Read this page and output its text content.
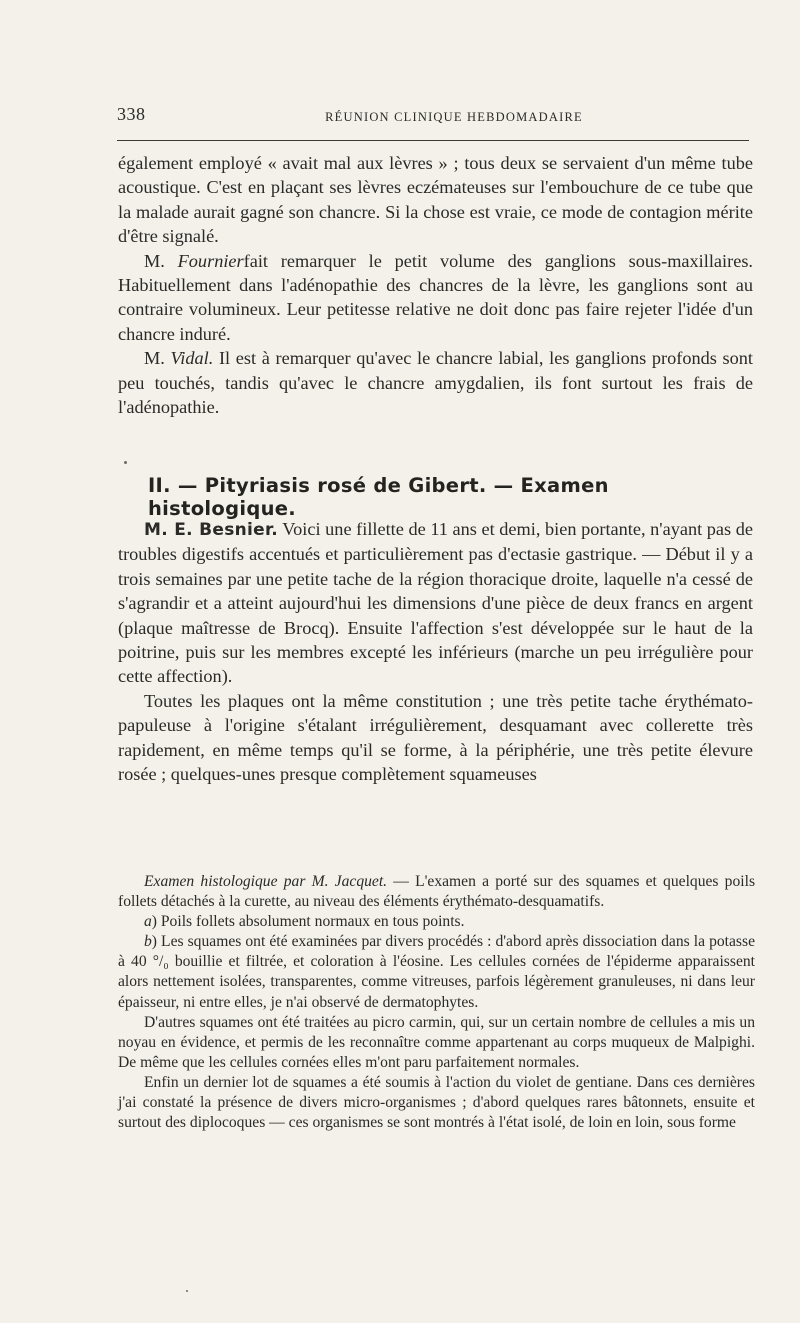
338	RÉUNION CLINIQUE HEBDOMADAIRE

également employé « avait mal aux lèvres » ; tous deux se servaient d'un même tube acoustique. C'est en plaçant ses lèvres eczémateuses sur l'embouchure de ce tube que la malade aurait gagné son chancre. Si la chose est vraie, ce mode de contagion mérite d'être signalé.

M. Fournierfait remarquer le petit volume des ganglions sous-maxillaires. Habituellement dans l'adénopathie des chancres de la lèvre, les ganglions sont au contraire volumineux. Leur petitesse relative ne doit donc pas faire rejeter l'idée d'un chancre induré.

M. Vidal. Il est à remarquer qu'avec le chancre labial, les ganglions profonds sont peu touchés, tandis qu'avec le chancre amygdalien, ils font surtout les frais de l'adénopathie.

II. — Pityriasis rosé de Gibert. — Examen histologique.

M. E. Besnier. Voici une fillette de 11 ans et demi, bien portante, n'ayant pas de troubles digestifs accentués et particulièrement pas d'ectasie gastrique. — Début il y a trois semaines par une petite tache de la région thoracique droite, laquelle n'a cessé de s'agrandir et a atteint aujourd'hui les dimensions d'une pièce de deux francs en argent (plaque maîtresse de Brocq). Ensuite l'affection s'est développée sur le haut de la poitrine, puis sur les membres excepté les inférieurs (marche un peu irrégulière pour cette affection).

Toutes les plaques ont la même constitution ; une très petite tache érythémato-papuleuse à l'origine s'étalant irrégulièrement, desquamant avec collerette très rapidement, en même temps qu'il se forme, à la périphérie, une très petite élevure rosée ; quelques-unes presque complètement squameuses

Examen histologique par M. Jacquet. — L'examen a porté sur des squames et quelques poils follets détachés à la curette, au niveau des éléments érythémato-desquamatifs.

a) Poils follets absolument normaux en tous points.

b) Les squames ont été examinées par divers procédés : d'abord après dissociation dans la potasse à 40 °/₀ bouillie et filtrée, et coloration à l'éosine. Les cellules cornées de l'épiderme apparaissent alors nettement isolées, transparentes, comme vitreuses, parfois légèrement granuleuses, ni dans leur épaisseur, ni entre elles, je n'ai observé de dermatophytes.

D'autres squames ont été traitées au picro carmin, qui, sur un certain nombre de cellules a mis un noyau en évidence, et permis de les reconnaître comme appartenant au corps muqueux de Malpighi. De même que les cellules cornées elles m'ont paru parfaitement normales.

Enfin un dernier lot de squames a été soumis à l'action du violet de gentiane. Dans ces dernières j'ai constaté la présence de divers micro-organismes ; d'abord quelques rares bâtonnets, ensuite et surtout des diplocoques — ces organismes se sont montrés à l'état isolé, de loin en loin, sous forme
